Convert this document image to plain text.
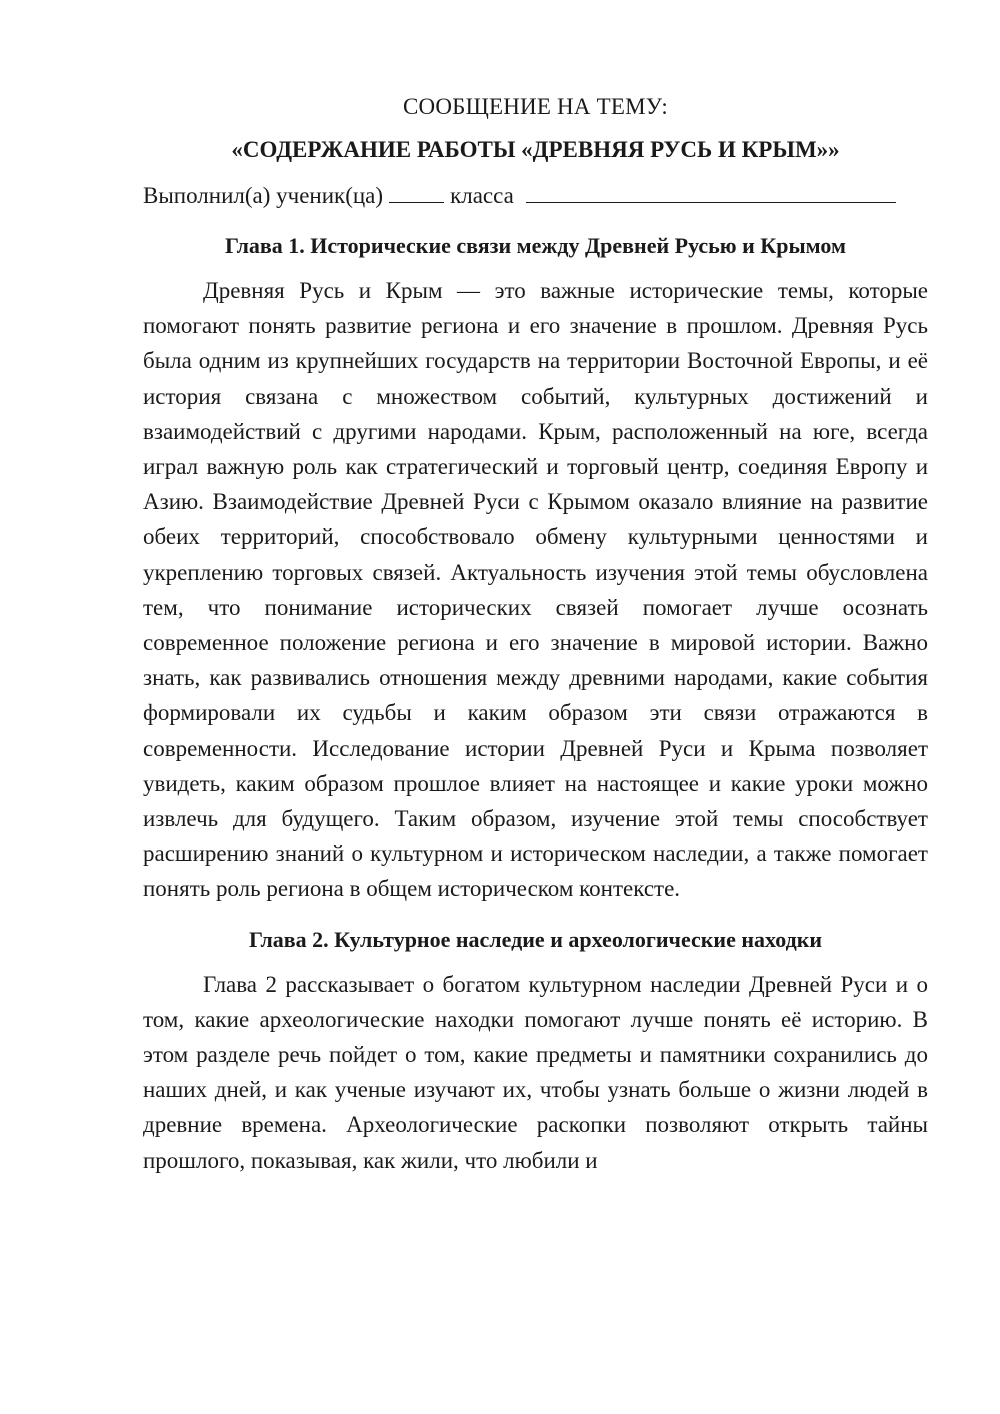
СООБЩЕНИЕ НА ТЕМУ:
«СОДЕРЖАНИЕ РАБОТЫ «ДРЕВНЯЯ РУСЬ И КРЫМ»»
Выполнил(а) ученик(ца)	класса
Глава 1. Исторические связи между Древней Русью и Крымом

Древняя Русь и Крым — это важные исторические темы, которые помогают понять развитие региона и его значение в прошлом. Древняя Русь была одним из крупнейших государств на территории Восточной Европы, и её история связана с множеством событий, культурных достижений и взаимодействий с другими народами. Крым, расположенный на юге, всегда играл важную роль как стратегический и торговый центр, соединяя Европу и Азию. Взаимодействие Древней Руси с Крымом оказало влияние на развитие обеих территорий, способствовало обмену культурными ценностями и укреплению торговых связей. Актуальность изучения этой темы обусловлена тем, что понимание исторических связей помогает лучше осознать современное положение региона и его значение в мировой истории. Важно знать, как развивались отношения между древними народами, какие события формировали их судьбы и каким образом эти связи отражаются в современности. Исследование истории Древней Руси и Крыма позволяет увидеть, каким образом прошлое влияет на настоящее и какие уроки можно извлечь для будущего. Таким образом, изучение этой темы способствует расширению знаний о культурном и историческом наследии, а также помогает понять роль региона в общем историческом контексте.

Глава 2. Культурное наследие и археологические находки

Глава 2 рассказывает о богатом культурном наследии Древней Руси и о том, какие археологические находки помогают лучше понять её историю. В этом разделе речь пойдет о том, какие предметы и памятники сохранились до наших дней, и как ученые изучают их, чтобы узнать больше о жизни людей в древние времена. Археологические раскопки позволяют открыть тайны прошлого, показывая, как жили, что любили и
